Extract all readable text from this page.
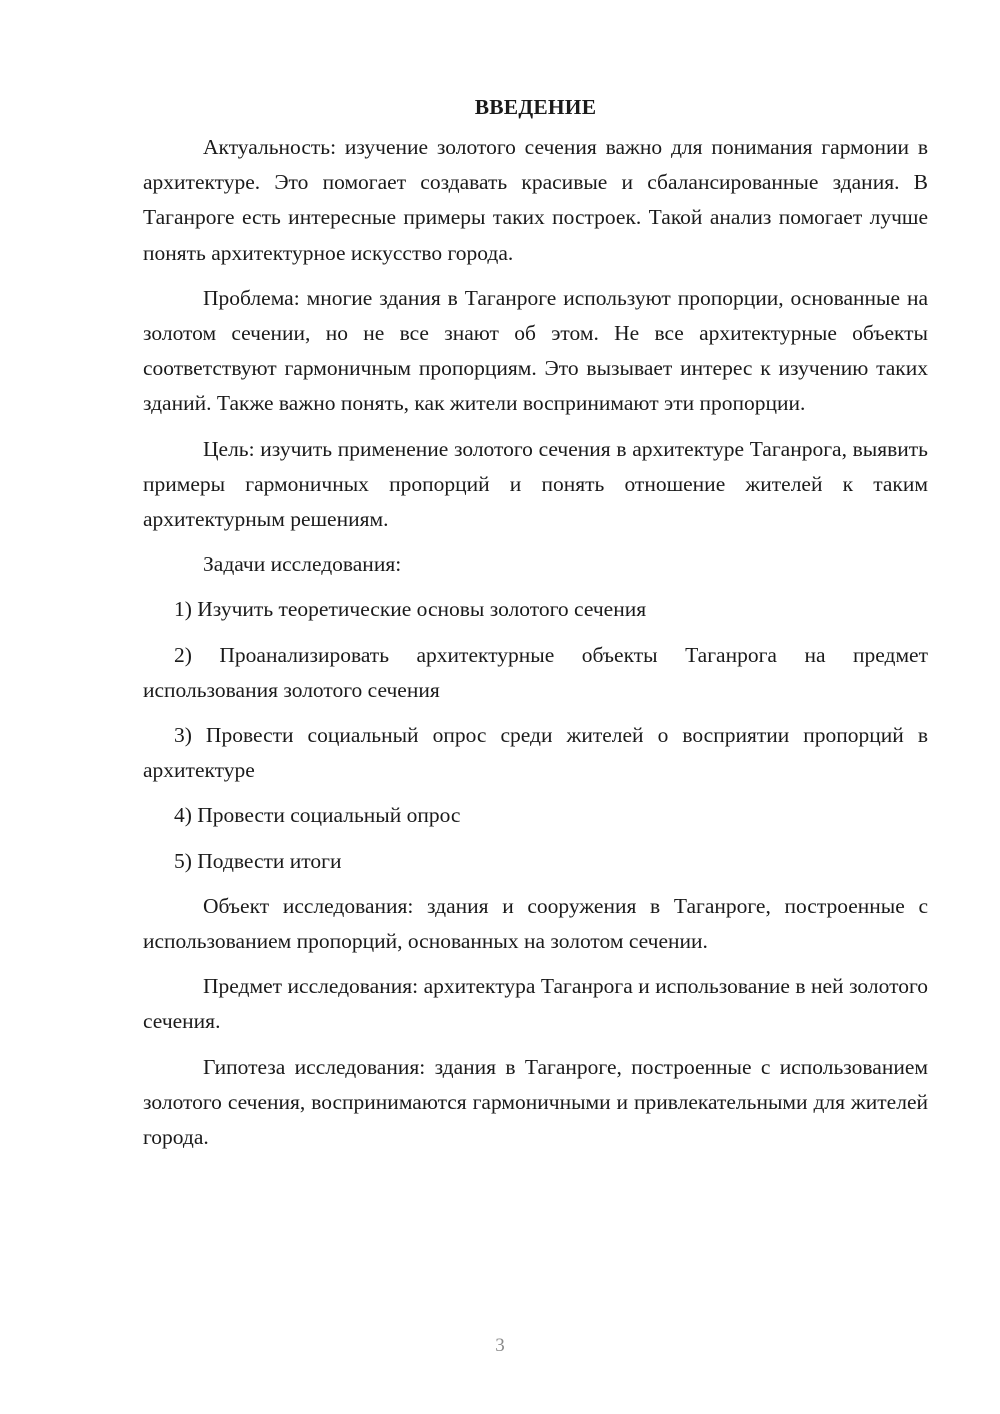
ВВЕДЕНИЕ

Актуальность: изучение золотого сечения важно для понимания гармонии в архитектуре. Это помогает создавать красивые и сбалансированные здания. В Таганроге есть интересные примеры таких построек. Такой анализ помогает лучше понять архитектурное искусство города.

Проблема: многие здания в Таганроге используют пропорции, основанные на золотом сечении, но не все знают об этом. Не все архитектурные объекты соответствуют гармоничным пропорциям. Это вызывает интерес к изучению таких зданий. Также важно понять, как жители воспринимают эти пропорции.

Цель: изучить применение золотого сечения в архитектуре Таганрога, выявить примеры гармоничных пропорций и понять отношение жителей к таким архитектурным решениям.

Задачи исследования:

1) Изучить теоретические основы золотого сечения

2) Проанализировать архитектурные объекты Таганрога на предмет использования золотого сечения

3) Провести социальный опрос среди жителей о восприятии пропорций в архитектуре

4) Провести социальный опрос

5) Подвести итоги

Объект исследования: здания и сооружения в Таганроге, построенные с использованием пропорций, основанных на золотом сечении.

Предмет исследования: архитектура Таганрога и использование в ней золотого сечения.

Гипотеза исследования: здания в Таганроге, построенные с использованием золотого сечения, воспринимаются гармоничными и привлекательными для жителей города.

3
